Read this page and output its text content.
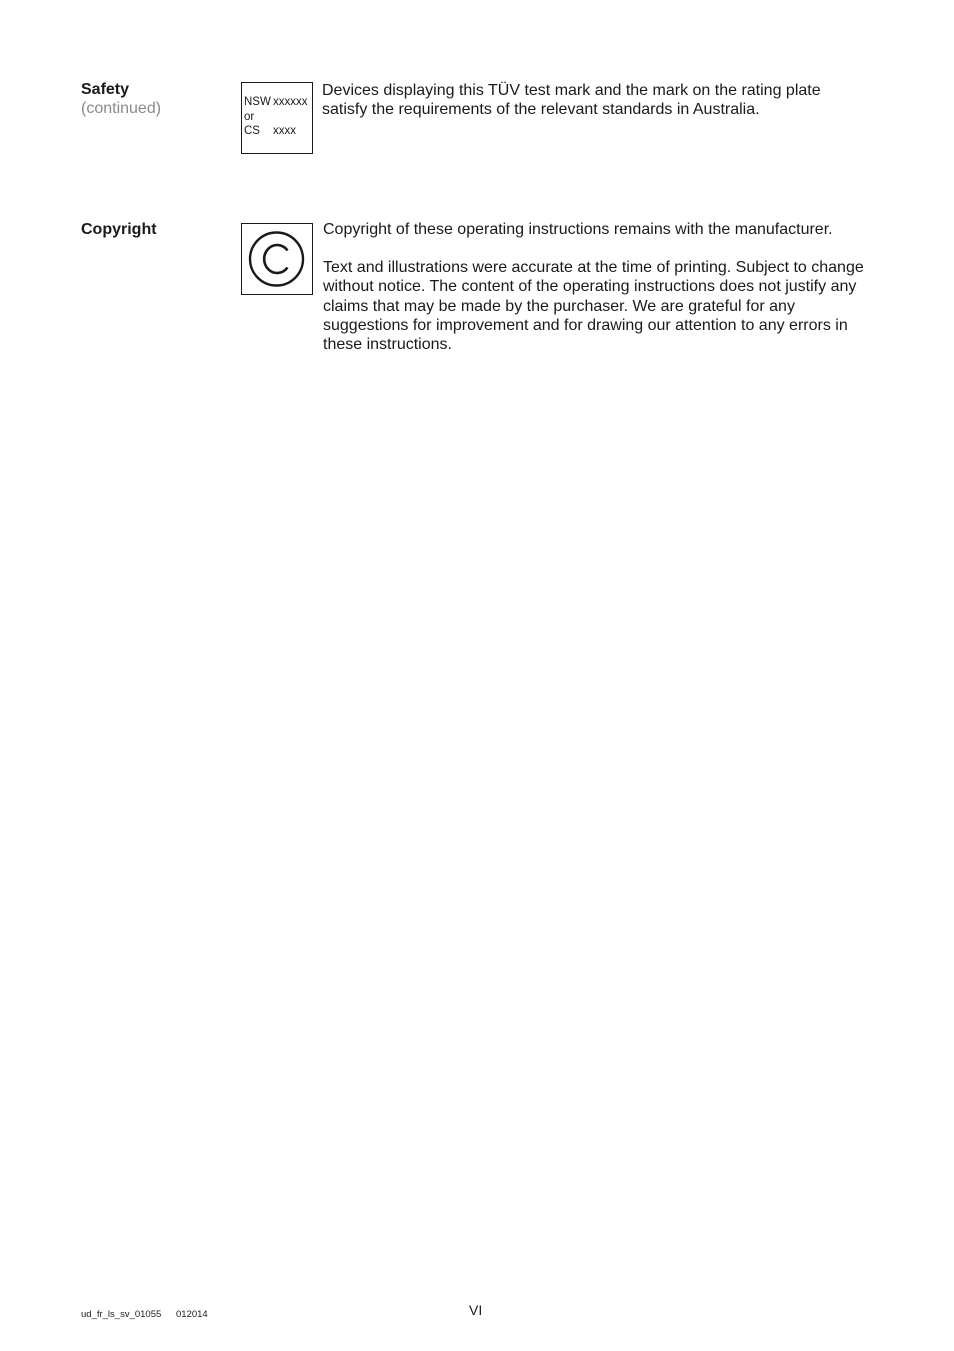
Safety
(continued)	NSW xxxxxx
or
CS xxxx

Devices displaying this TÜV test mark and the mark on the rating plate satisfy the requirements of the relevant standards in Australia.

Copyright	Copyright of these operating instructions remains with the manufacturer.

Text and illustrations were accurate at the time of printing. Subject to change without notice. The content of the operating instructions does not justify any claims that may be made by the purchaser. We are grateful for any suggestions for improvement and for drawing our attention to any errors in these instructions.

ud_fr_ls_sv_01055 012014	VI
